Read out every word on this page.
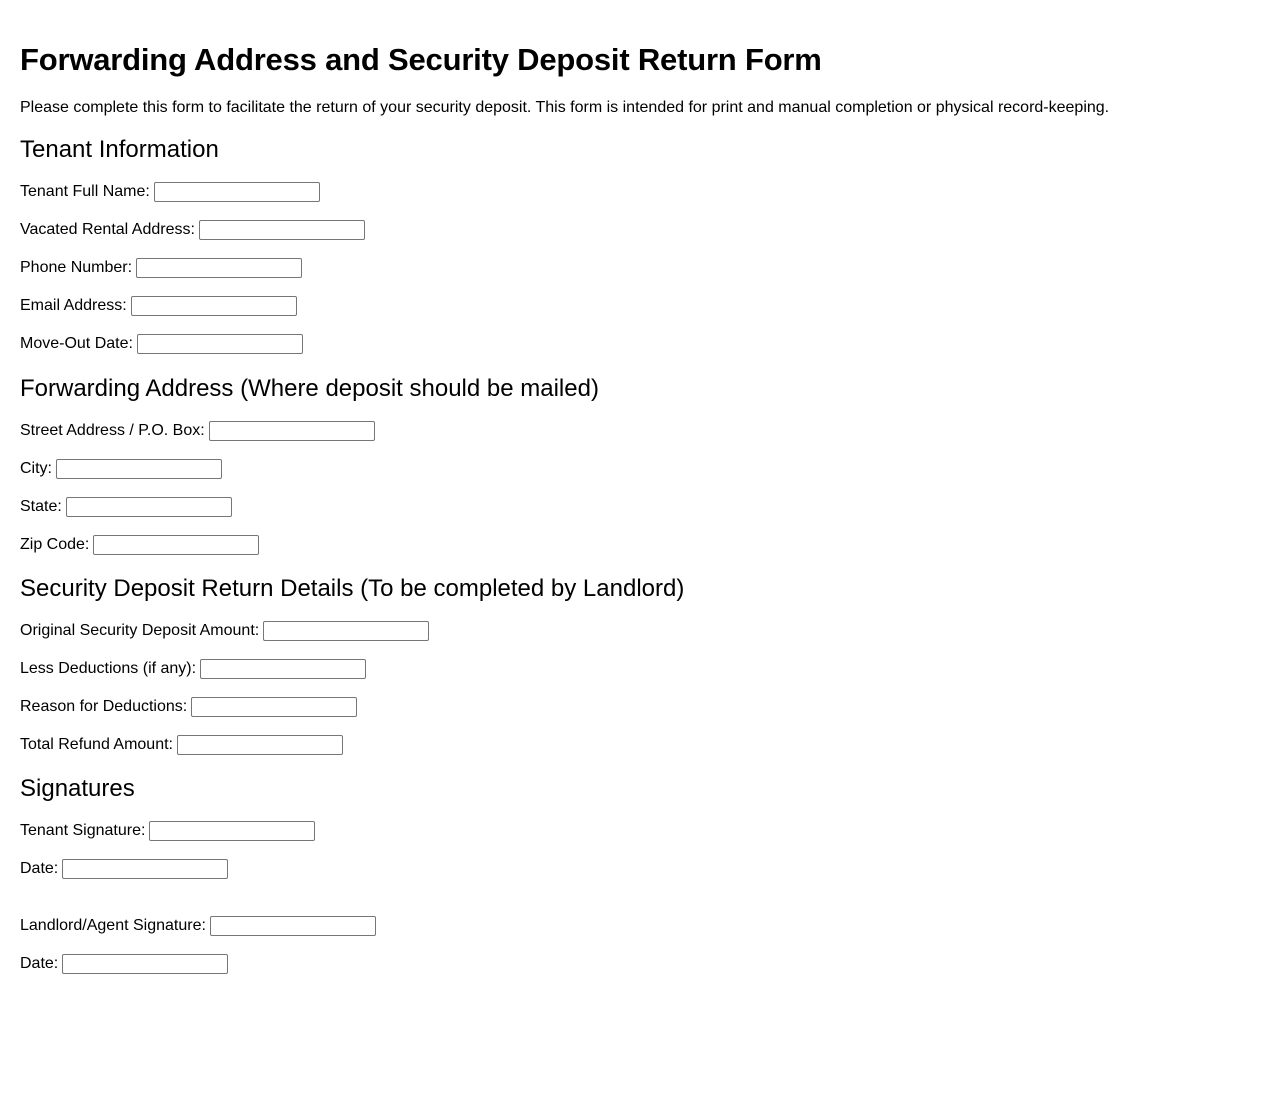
Forwarding Address and Security Deposit Return Form

Please complete this form to facilitate the return of your security deposit. This form is intended for print and manual completion or physical record-keeping.

Tenant Information
Tenant Full Name:
Vacated Rental Address:
Phone Number:
Email Address:
Move-Out Date:
Forwarding Address (Where deposit should be mailed)
Street Address / P.O. Box:
City:
State:
Zip Code:
Security Deposit Return Details (To be completed by Landlord)
Original Security Deposit Amount:
Less Deductions (if any):
Reason for Deductions:
Total Refund Amount:
Signatures
Tenant Signature:
Date:
Landlord/Agent Signature:
Date:
